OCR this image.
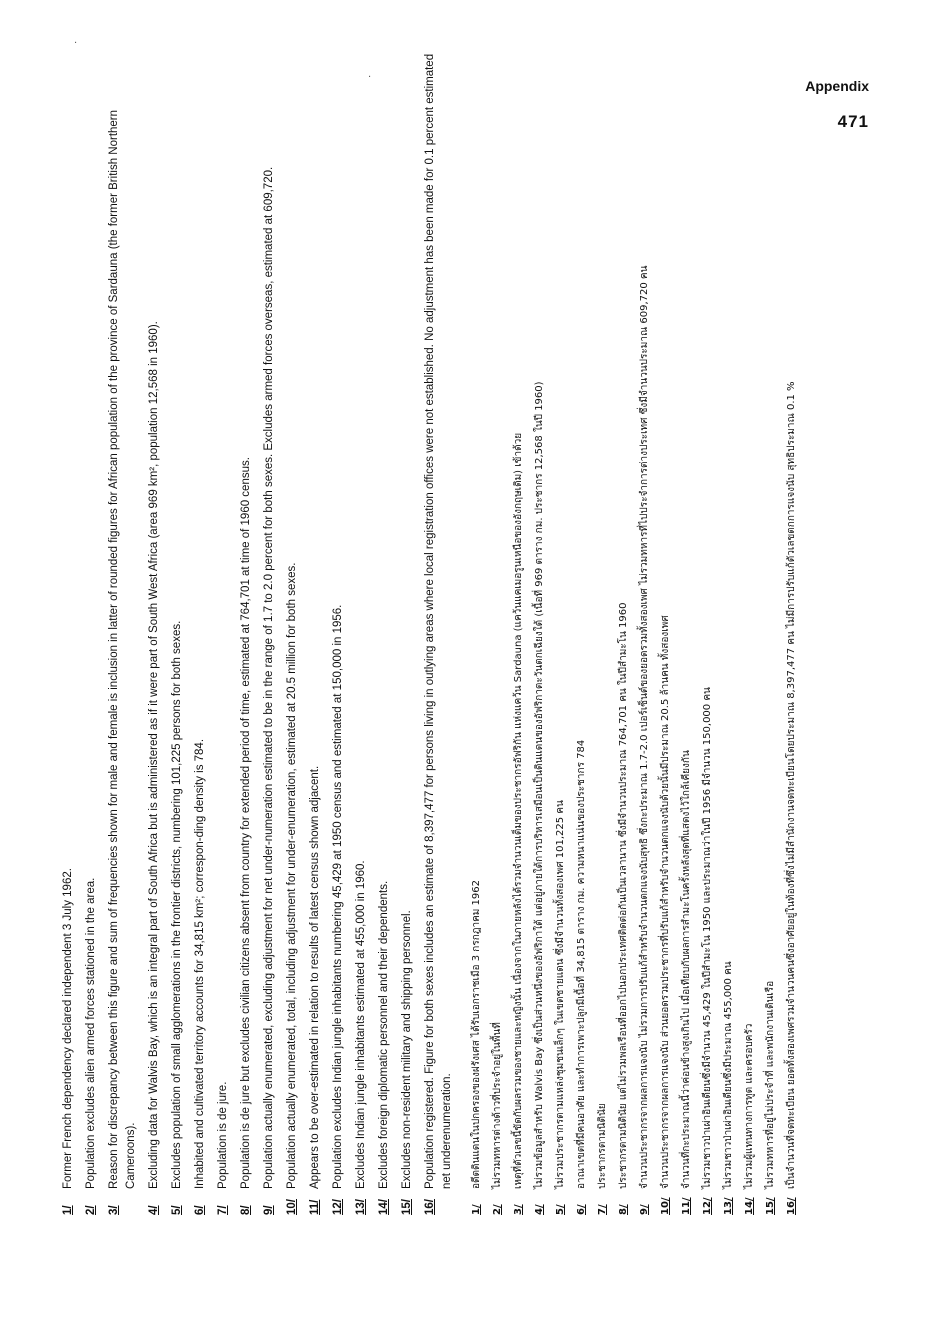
Appendix
471
·
·
1/
Former French dependency declared independent 3 July 1962.
2/
Population excludes alien armed forces stationed in the area.
3/
Reason for discrepancy between this figure and sum of frequencies shown for male and female is inclusion in latter of rounded figures for African population of the province of Sardauna (the former British Northern Cameroons).
4/
Excluding data for Walvis Bay, which is an integral part of South Africa but is administered as if it were part of South West Africa (area 969 km², population 12,568 in 1960).
5/
Excludes population of small agglomerations in the frontier districts, numbering 101,225 persons for both sexes.
6/
Inhabited and cultivated territory accounts for 34,815 km²; correspon-ding density is 784.
7/
Population is de jure.
8/
Population is de jure but excludes civilian citizens absent from country for extended period of time, estimated at 764,701 at time of 1960 census.
9/
Population actually enumerated, excluding adjustment for net under-numeration estimated to be in the range of 1.7 to 2.0 percent for both sexes. Excludes armed forces overseas, estimated at 609,720.
10/
Population actually enumerated, total, including adjustment for under-enumeration, estimated at 20.5 million for both sexes.
11/
Appears to be over-estimated in relation to results of latest census shown adjacent.
12/
Population excludes Indian jungle inhabitants numbering 45,429 at 1950 census and estimated at 150,000 in 1956.
13/
Excludes Indian jungle inhabitants estimated at 455,000 in 1960.
14/
Excludes foreign diplomatic personnel and their dependents.
15/
Excludes non-resident military and shipping personnel.
16/
Population registered. Figure for both sexes includes an estimate of 8,397,477 for persons living in outlying areas where local registration offices were not established. No adjustment has been made for 0.1 percent estimated net underenumeration.
1/
อดีตดินแดนในปกครองของฝรั่งเศส ได้รับเอกราชเมื่อ 3 กรกฎาคม 1962
2/
ไม่รวมทหารต่างด้าวที่ประจำอยู่ในพื้นที่
3/
เหตุที่ตัวเลขนี้ขัดกับผลรวมของชายและหญิงนั้น เนื่องจากในภายหลังได้รวมจำนวนเต็มของประชากรอัฟริกัน แห่งแคว้น Sardauna (แคว้นแคเมอรูนเหนือของอังกฤษเดิม) เข้าด้วย
4/
ไม่รวมข้อมูลสำหรับ Walvis Bay ซึ่งเป็นส่วนหนึ่งของอัฟริกาใต้ แต่อยู่ภายใต้การบริหารเสมือนเป็นดินแดนของอัฟริกาตะวันตกเฉียงใต้ (เนื้อที่ 969 ตาราง กม. ประชากร 12,568 ในปี 1960)
5/
ไม่รวมประชากรตามแหล่งชุมชนเล็กๆ ในเขตชายแดน ซึ่งมีจำนวนทั้งสองเพศ 101,225 คน
6/
อาณาเขตที่มีคนอาศัย และทำการเพาะปลูกมีเนื้อที่ 34,815 ตาราง กม. ความหนาแน่นของประชากร 784
7/
ประชากรตามนิตินัย
8/
ประชากรตามนิตินัย แต่ไม่รวมพลเรือนที่ออกไปนอกประเทศติดต่อกันเป็นเวลานาน ซึ่งมีจำนวนประมาณ 764,701 คน ในปีสำมะโน 1960
9/
จำนวนประชากรจากผลการแจงนับ ไม่รวมการปรับแก้สำหรับจำนวนตกแจงนับสุทธิ ซึ่งกะประมาณ 1.7-2.0 เปอร์เซ็นต์ของยอดรวมทั้งสองเพศ ไม่รวมทหารที่ไปประจำการต่างประเทศ ซึ่งมีจำนวนประมาณ 609,720 คน
10/
จำนวนประชากรจากผลการแจงนับ ส่วนยอดรวมประชากรที่ปรับแก้สำหรับจำนวนตกแจงนับด้วยนั้นมีประมาณ 20.5 ล้านคน ทั้งสองเพศ
11/
จำนวนที่กะประมาณนี้ว่าค่อนข้างสูงเกินไป เมื่อเทียบกับผลการสำมะโนครั้งหลังสุดที่แสดงไว้ใกล้เคียงกัน
12/
ไม่รวมชาวป่าเผ่าอินเดียนซึ่งมีจำนวน 45,429 ในปีสำมะโน 1950 และประมาณว่าในปี 1956 มีจำนวน 150,000 คน
13/
ไม่รวมชาวป่าเผ่าอินเดียนซึ่งมีประมาณ 455,000 คน
14/
ไม่รวมผู้แทนทางการทูต และครอบครัว
15/
ไม่รวมทหารที่อยู่ไม่ประจำที่ และพนักงานเดินเรือ
16/
เป็นจำนวนที่จดทะเบียน ยอดทั้งสองเพศรวมจำนวนคนซึ่งอาศัยอยู่ในท้องที่ซึ่งไม่มีสำนักงานจดทะเบียนโดยประมาณ 8,397,477 คน ไม่มีการปรับแก้ตัวเลขตกการแจงนับ สุทธิประมาณ 0.1 %
